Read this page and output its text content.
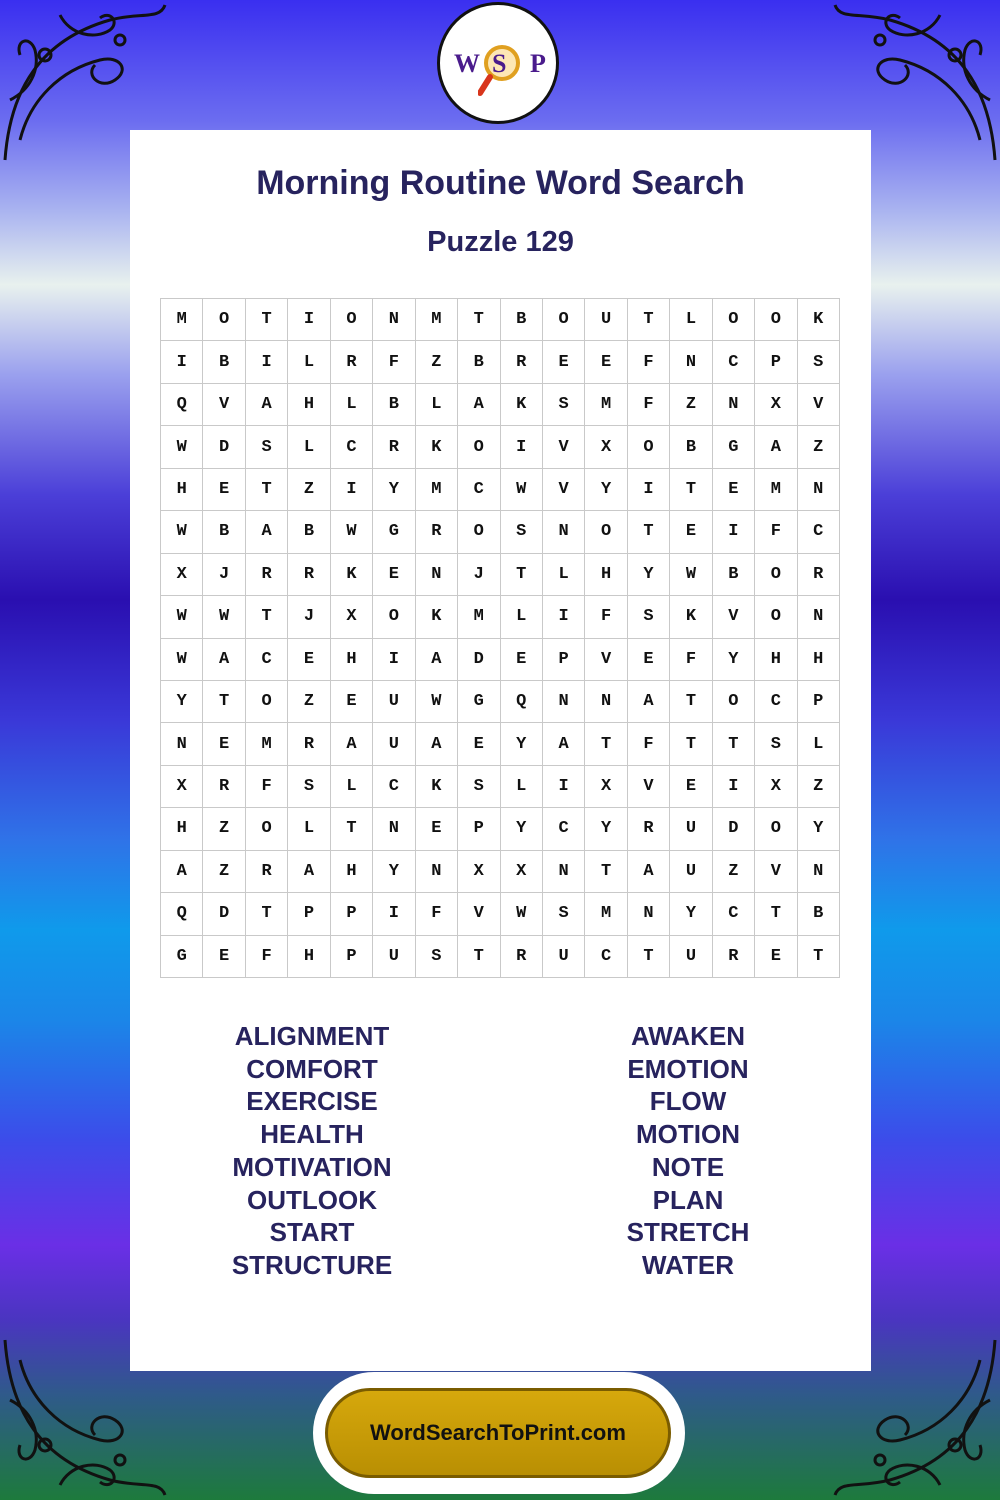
W S P
Morning Routine Word Search
Puzzle 129
M	O	T	I	O	N	M	T	B	O	U	T	L	O	O	K
I	B	I	L	R	F	Z	B	R	E	E	F	N	C	P	S
Q	V	A	H	L	B	L	A	K	S	M	F	Z	N	X	V
W	D	S	L	C	R	K	O	I	V	X	O	B	G	A	Z
H	E	T	Z	I	Y	M	C	W	V	Y	I	T	E	M	N
W	B	A	B	W	G	R	O	S	N	O	T	E	I	F	C
X	J	R	R	K	E	N	J	T	L	H	Y	W	B	O	R
W	W	T	J	X	O	K	M	L	I	F	S	K	V	O	N
W	A	C	E	H	I	A	D	E	P	V	E	F	Y	H	H
Y	T	O	Z	E	U	W	G	Q	N	N	A	T	O	C	P
N	E	M	R	A	U	A	E	Y	A	T	F	T	T	S	L
X	R	F	S	L	C	K	S	L	I	X	V	E	I	X	Z
H	Z	O	L	T	N	E	P	Y	C	Y	R	U	D	O	Y
A	Z	R	A	H	Y	N	X	X	N	T	A	U	Z	V	N
Q	D	T	P	P	I	F	V	W	S	M	N	Y	C	T	B
G	E	F	H	P	U	S	T	R	U	C	T	U	R	E	T
ALIGNMENT
COMFORT
EXERCISE
HEALTH
MOTIVATION
OUTLOOK
START
STRUCTURE
AWAKEN
EMOTION
FLOW
MOTION
NOTE
PLAN
STRETCH
WATER
WordSearchToPrint.com
